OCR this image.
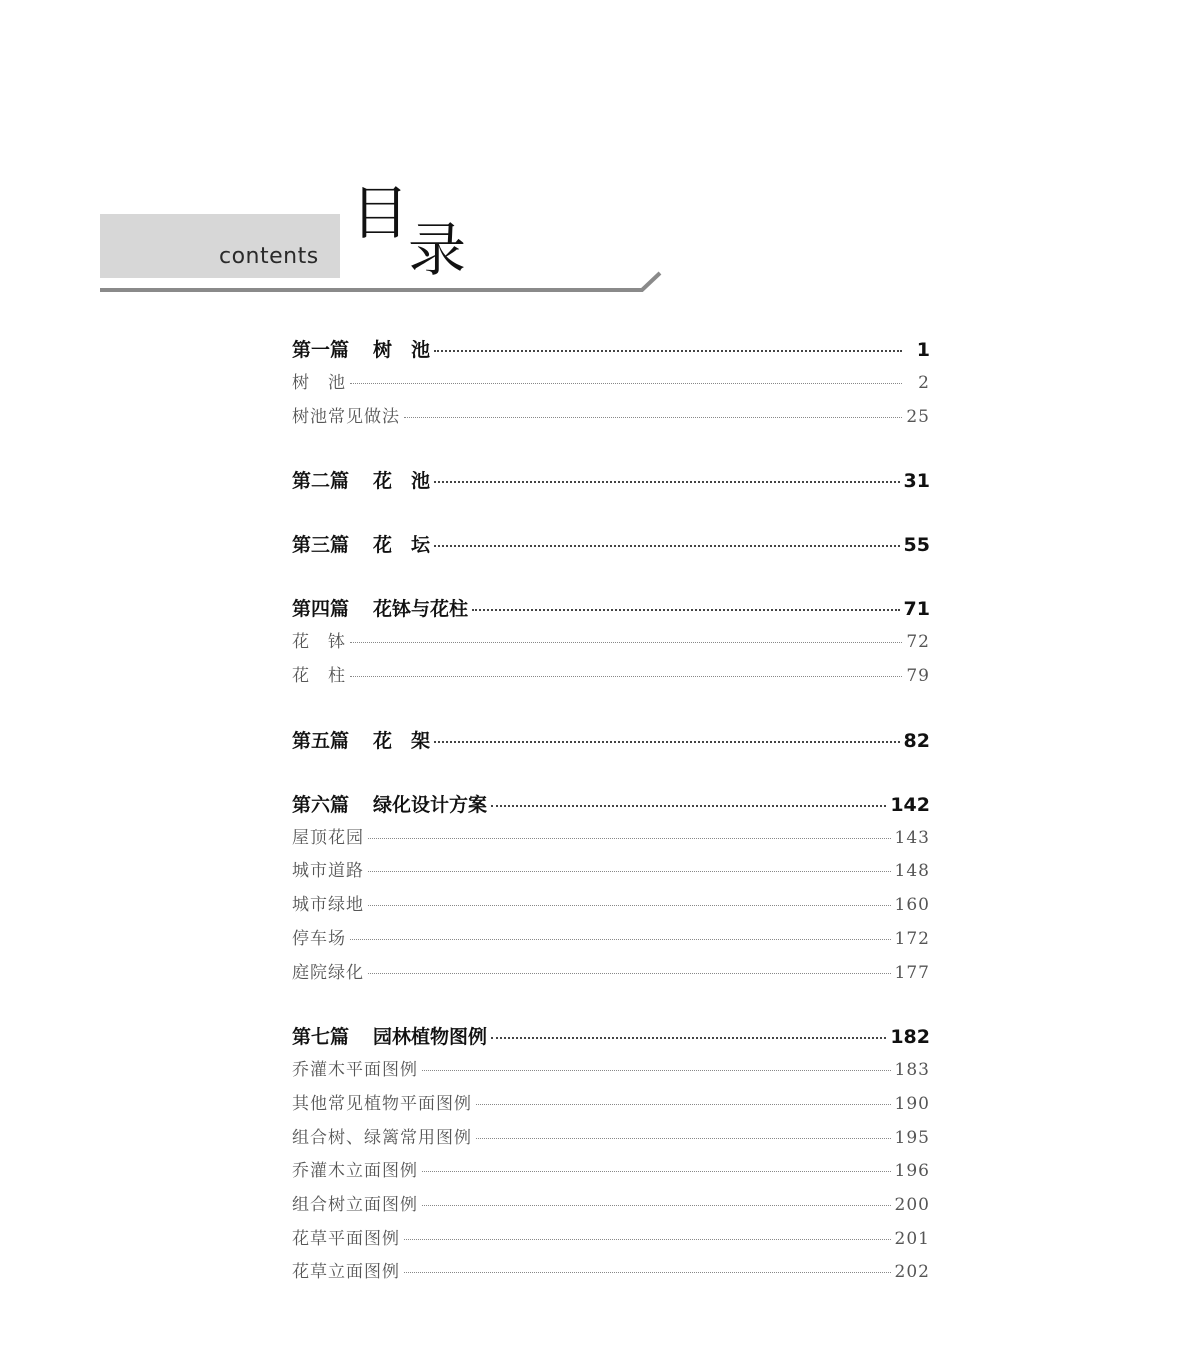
contents
目
录
第一篇 树　池	1
树　池	2
树池常见做法	25
第二篇 花　池	31
第三篇 花　坛	55
第四篇 花钵与花柱	71
花　钵	72
花　柱	79
第五篇 花　架	82
第六篇 绿化设计方案	142
屋顶花园	143
城市道路	148
城市绿地	160
停车场	172
庭院绿化	177
第七篇 园林植物图例	182
乔灌木平面图例	183
其他常见植物平面图例	190
组合树、绿篱常用图例	195
乔灌木立面图例	196
组合树立面图例	200
花草平面图例	201
花草立面图例	202
